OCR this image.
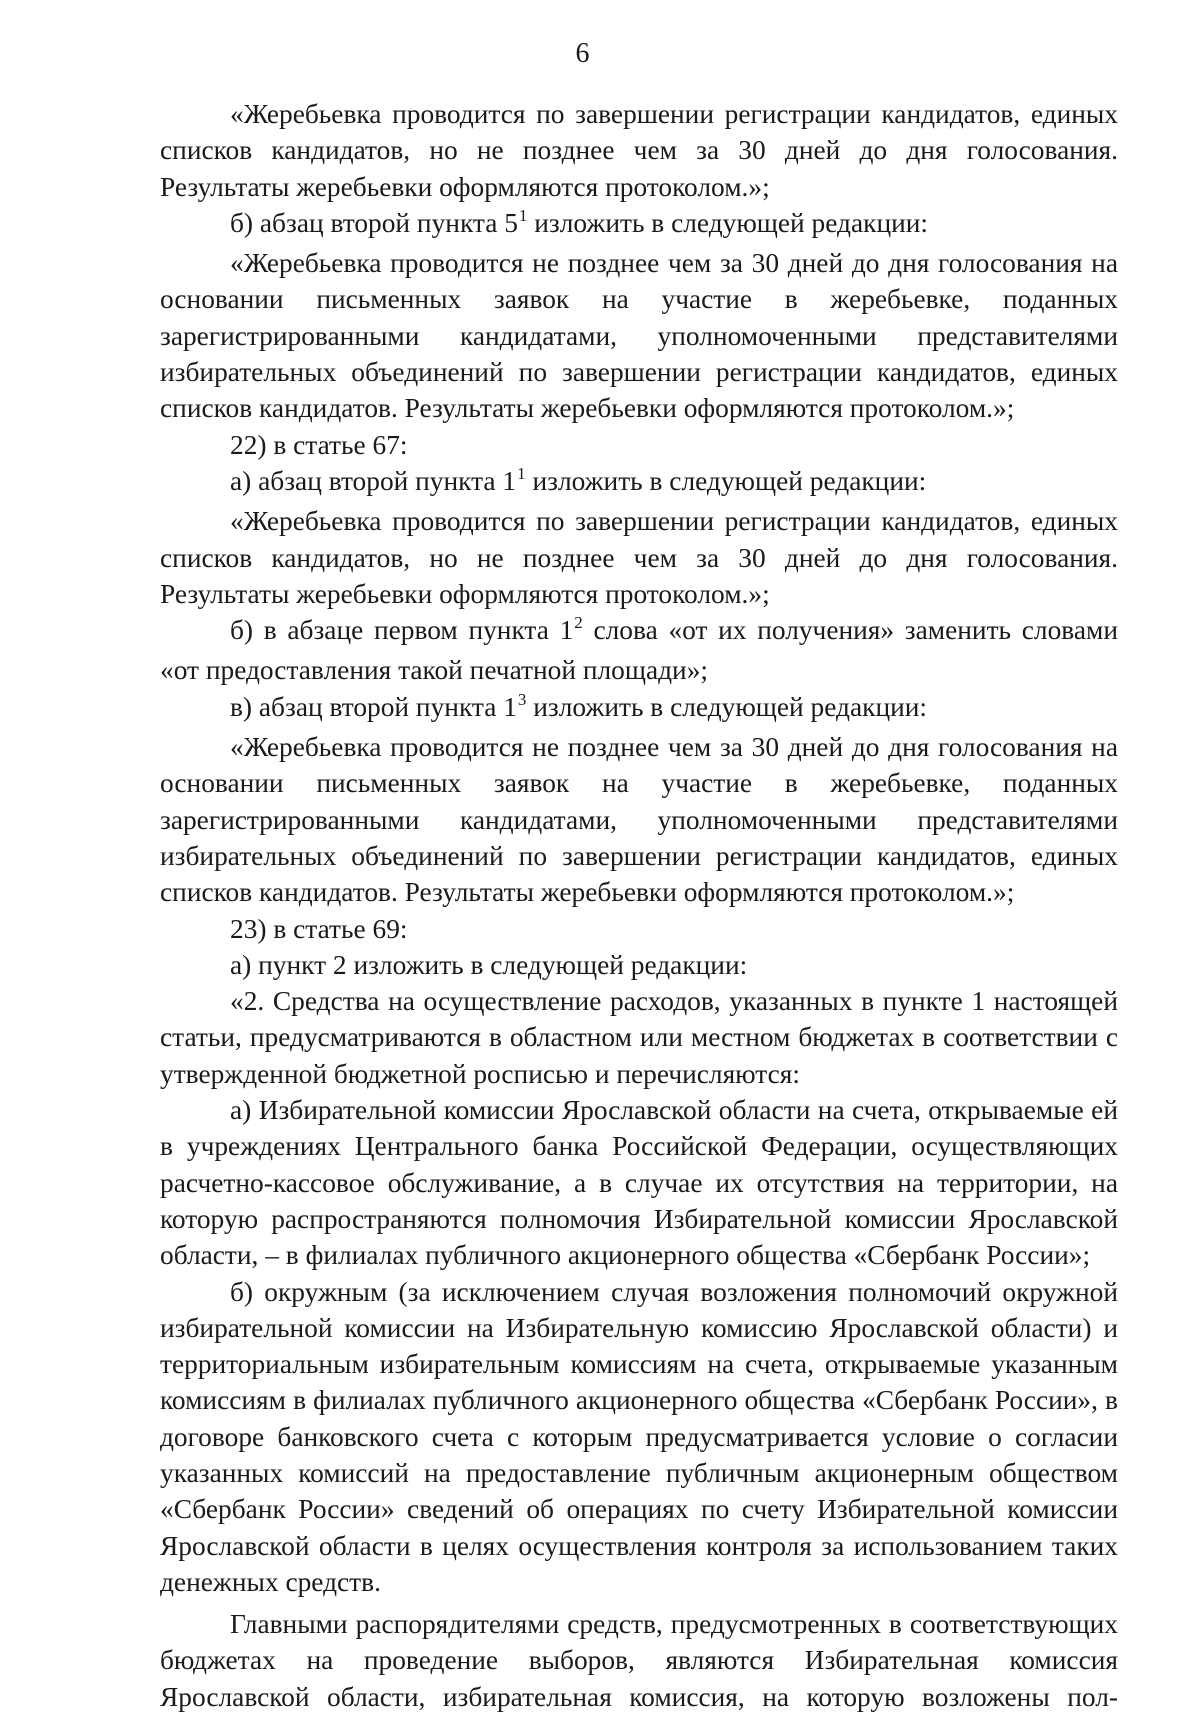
6

«Жеребьевка проводится по завершении регистрации кандидатов, единых списков кандидатов, но не позднее чем за 30 дней до дня голосования. Результаты жеребьевки оформляются протоколом.»;

б) абзац второй пункта $5^1$ изложить в следующей редакции:

«Жеребьевка проводится не позднее чем за 30 дней до дня голосования на основании письменных заявок на участие в жеребьевке, поданных зарегистрированными кандидатами, уполномоченными представителями избирательных объединений по завершении регистрации кандидатов, единых списков кандидатов. Результаты жеребьевки оформляются протоколом.»;

22) в статье 67:

а) абзац второй пункта $1^1$ изложить в следующей редакции:

«Жеребьевка проводится по завершении регистрации кандидатов, единых списков кандидатов, но не позднее чем за 30 дней до дня голосования. Результаты жеребьевки оформляются протоколом.»;

б) в абзаце первом пункта $1^2$ слова «от их получения» заменить словами «от предоставления такой печатной площади»;

в) абзац второй пункта $1^3$ изложить в следующей редакции:

«Жеребьевка проводится не позднее чем за 30 дней до дня голосования на основании письменных заявок на участие в жеребьевке, поданных зарегистрированными кандидатами, уполномоченными представителями избирательных объединений по завершении регистрации кандидатов, единых списков кандидатов. Результаты жеребьевки оформляются протоколом.»;

23) в статье 69:

а) пункт 2 изложить в следующей редакции:

«2. Средства на осуществление расходов, указанных в пункте 1 настоящей статьи, предусматриваются в областном или местном бюджетах в соответствии с утвержденной бюджетной росписью и перечисляются:

а) Избирательной комиссии Ярославской области на счета, открываемые ей в учреждениях Центрального банка Российской Федерации, осуществляющих расчетно-кассовое обслуживание, а в случае их отсутствия на территории, на которую распространяются полномочия Избирательной комиссии Ярославской области, – в филиалах публичного акционерного общества «Сбербанк России»;

б) окружным (за исключением случая возложения полномочий окружной избирательной комиссии на Избирательную комиссию Ярославской области) и территориальным избирательным комиссиям на счета, открываемые указанным комиссиям в филиалах публичного акционерного общества «Сбербанк России», в договоре банковского счета с которым предусматривается условие о согласии указанных комиссий на предоставление публичным акционерным обществом «Сбербанк России» сведений об операциях по счету Избирательной комиссии Ярославской области в целях осуществления контроля за использованием таких денежных средств.

Главными распорядителями средств, предусмотренных в соответствующих бюджетах на проведение выборов, являются Избирательная комиссия Ярославской области, избирательная комиссия, на которую возложены пол-
